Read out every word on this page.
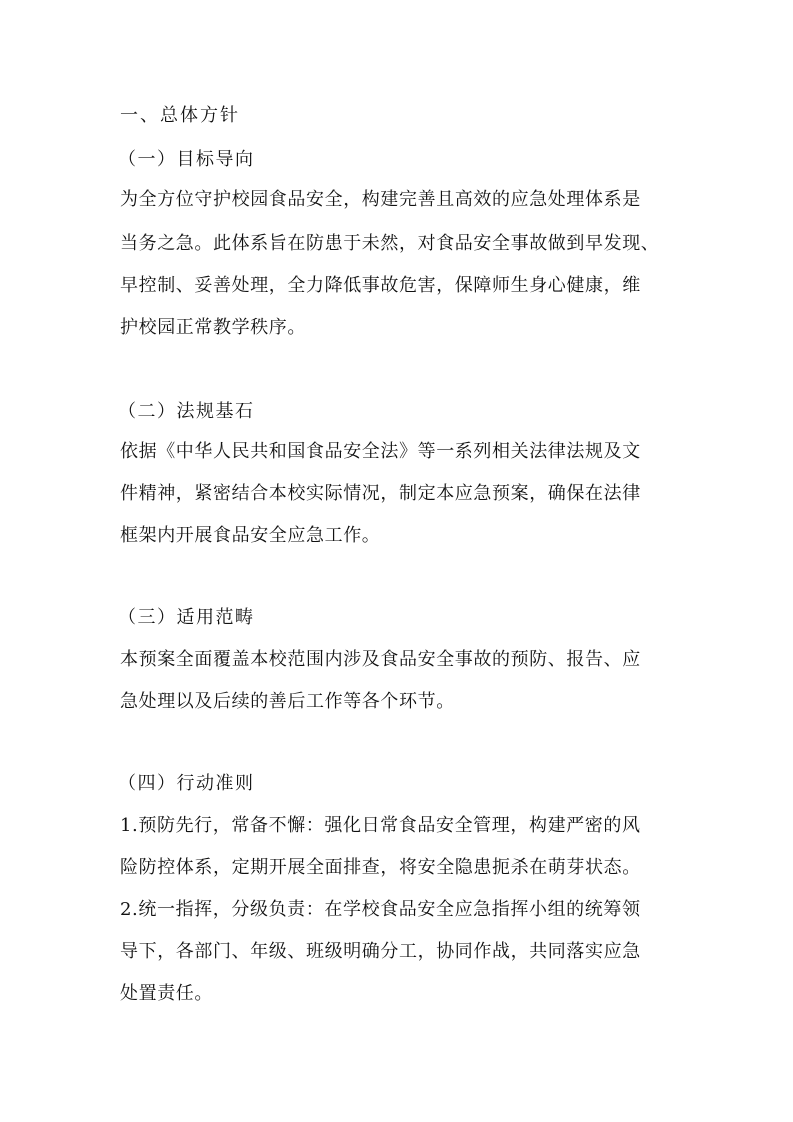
一、总体方针
（一）目标导向
为全方位守护校园食品安全，构建完善且高效的应急处理体系是
当务之急。此体系旨在防患于未然，对食品安全事故做到早发现、
早控制、妥善处理，全力降低事故危害，保障师生身心健康，维
护校园正常教学秩序。
（二）法规基石
依据《中华人民共和国食品安全法》等一系列相关法律法规及文
件精神，紧密结合本校实际情况，制定本应急预案，确保在法律
框架内开展食品安全应急工作。
（三）适用范畴
本预案全面覆盖本校范围内涉及食品安全事故的预防、报告、应
急处理以及后续的善后工作等各个环节。
（四）行动准则
1.预防先行，常备不懈：强化日常食品安全管理，构建严密的风
险防控体系，定期开展全面排查，将安全隐患扼杀在萌芽状态。
2.统一指挥，分级负责：在学校食品安全应急指挥小组的统筹领
导下，各部门、年级、班级明确分工，协同作战，共同落实应急
处置责任。
